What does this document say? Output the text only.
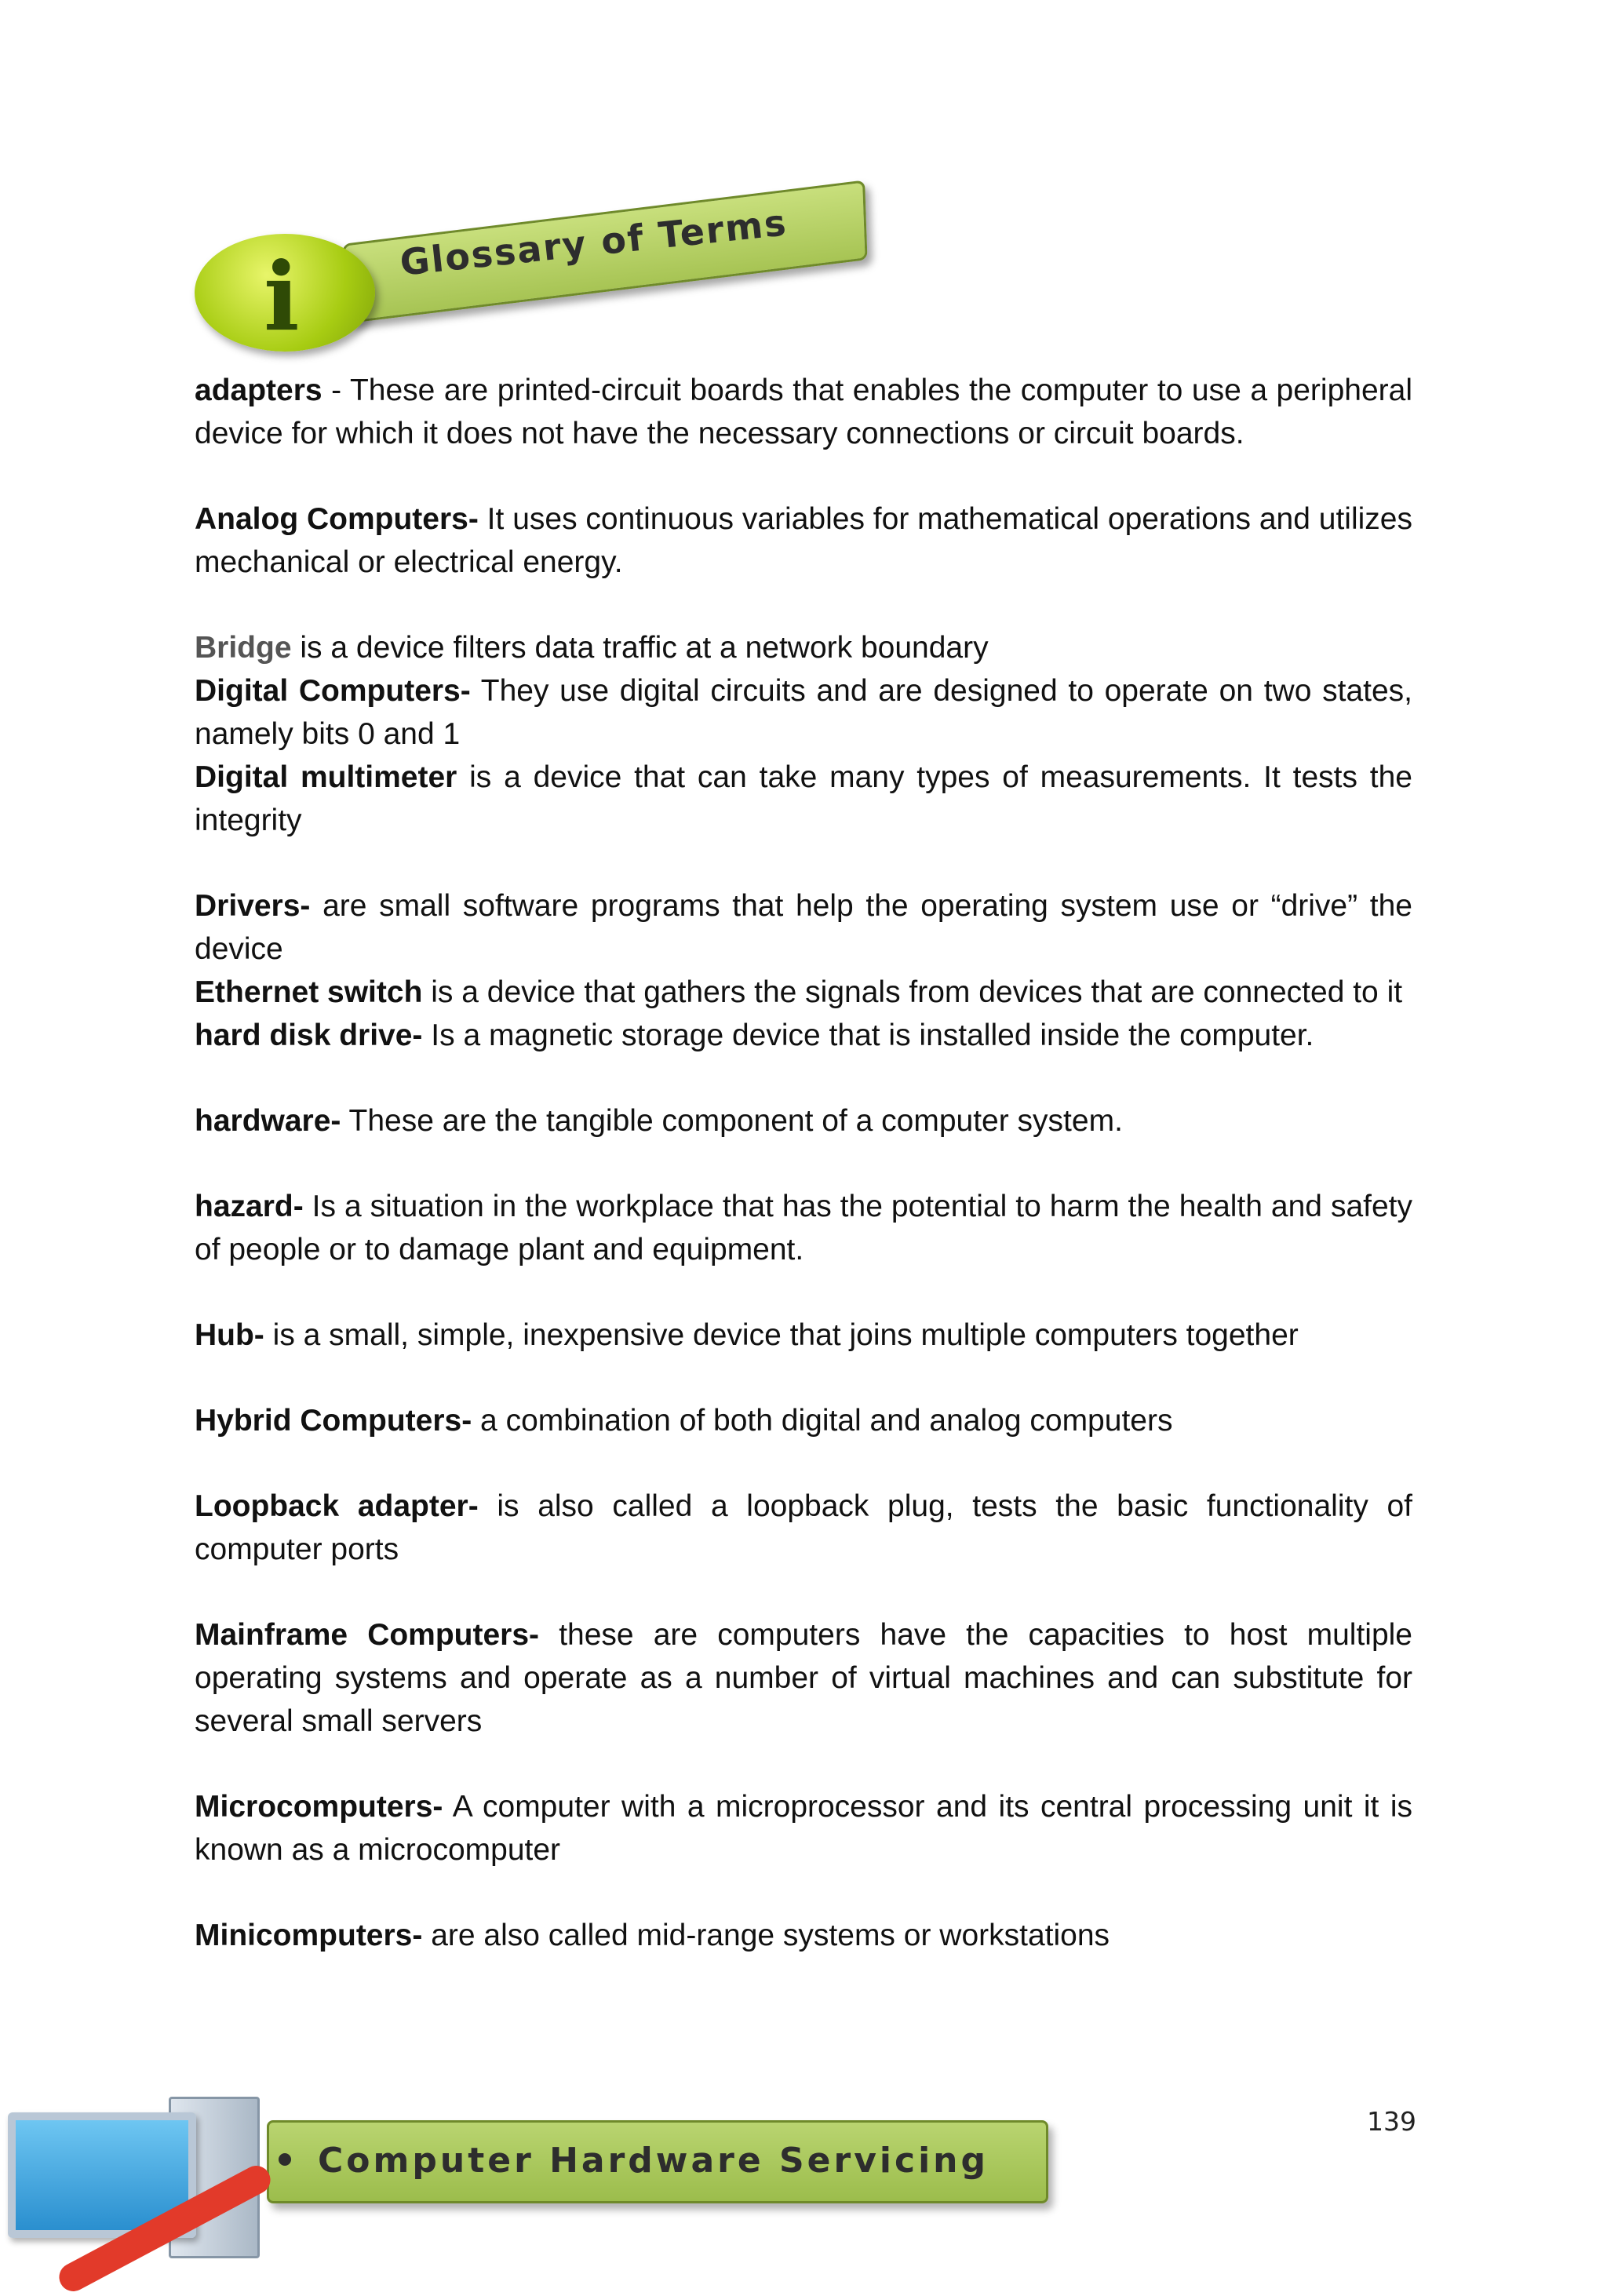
Glossary of Terms
i

adapters - These are printed-circuit boards that enables the computer to use a peripheral device for which it does not have the necessary connections or circuit boards.

Analog Computers- It uses continuous variables for mathematical operations and utilizes mechanical or electrical energy.

Bridge is a device filters data traffic at a network boundary

Digital Computers- They use digital circuits and are designed to operate on two states, namely bits 0 and 1

Digital multimeter is a device that can take many types of measurements. It tests the integrity

Drivers- are small software programs that help the operating system use or “drive” the device

Ethernet switch is a device that gathers the signals from devices that are connected to it

hard disk drive- Is a magnetic storage device that is installed inside the computer.

hardware- These are the tangible component of a computer system.

hazard- Is a situation in the workplace that has the potential to harm the health and safety of people or to damage plant and equipment.

Hub- is a small, simple, inexpensive device that joins multiple computers together

Hybrid Computers- a combination of both digital and analog computers

Loopback adapter- is also called a loopback plug, tests the basic functionality of computer ports

Mainframe Computers- these are computers have the capacities to host multiple operating systems and operate as a number of virtual machines and can substitute for several small servers

Microcomputers- A computer with a microprocessor and its central processing unit it is known as a microcomputer

Minicomputers- are also called mid-range systems or workstations

139
Computer Hardware Servicing
